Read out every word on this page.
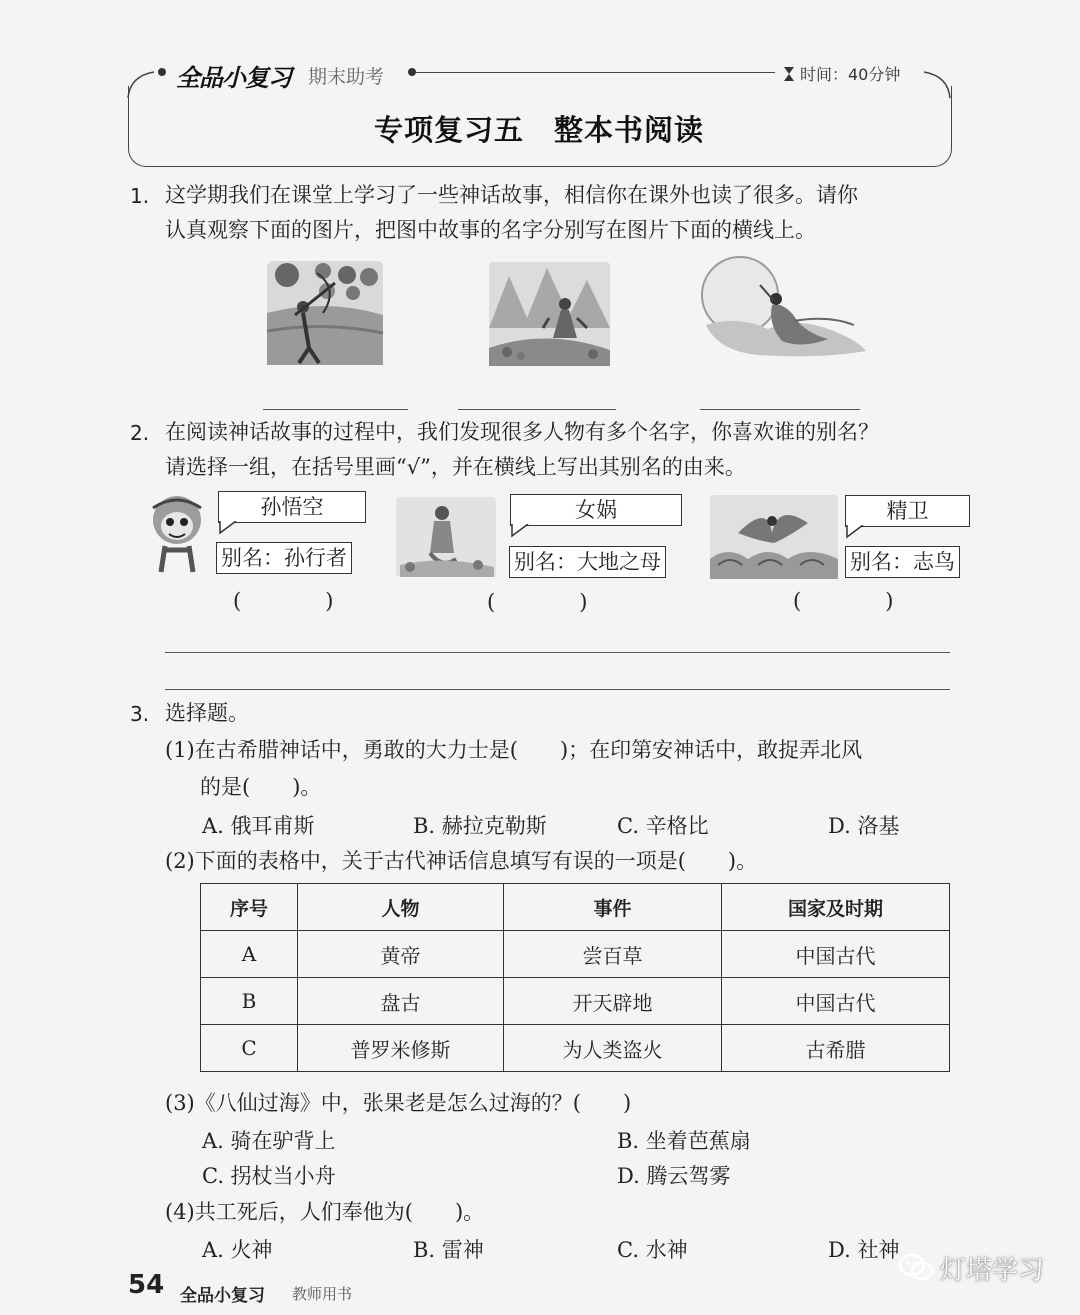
全品小复习 期末助考	时间：40分钟
专项复习五　整本书阅读
1. 这学期我们在课堂上学习了一些神话故事，相信你在课外也读了很多。请你
认真观察下面的图片，把图中故事的名字分别写在图片下面的横线上。
2. 在阅读神话故事的过程中，我们发现很多人物有多个名字，你喜欢谁的别名？
请选择一组，在括号里画“√”，并在横线上写出其别名的由来。
孙悟空
别名：孙行者
(　　　　)
女娲
别名：大地之母
(　　　　)
精卫
别名：志鸟
(　　　　)
3. 选择题。
(1)在古希腊神话中，勇敢的大力士是(　　)；在印第安神话中，敢捉弄北风
的是(　　)。
A. 俄耳甫斯	B. 赫拉克勒斯	C. 辛格比	D. 洛基
(2)下面的表格中，关于古代神话信息填写有误的一项是(　　)。
序号	人物	事件	国家及时期
A	黄帝	尝百草	中国古代
B	盘古	开天辟地	中国古代
C	普罗米修斯	为人类盗火	古希腊
(3)《八仙过海》中，张果老是怎么过海的？(　　)
A. 骑在驴背上	B. 坐着芭蕉扇
C. 拐杖当小舟	D. 腾云驾雾
(4)共工死后，人们奉他为(　　)。
A. 火神	B. 雷神	C. 水神	D. 社神
54 全品小复习 教师用书
灯塔学习
